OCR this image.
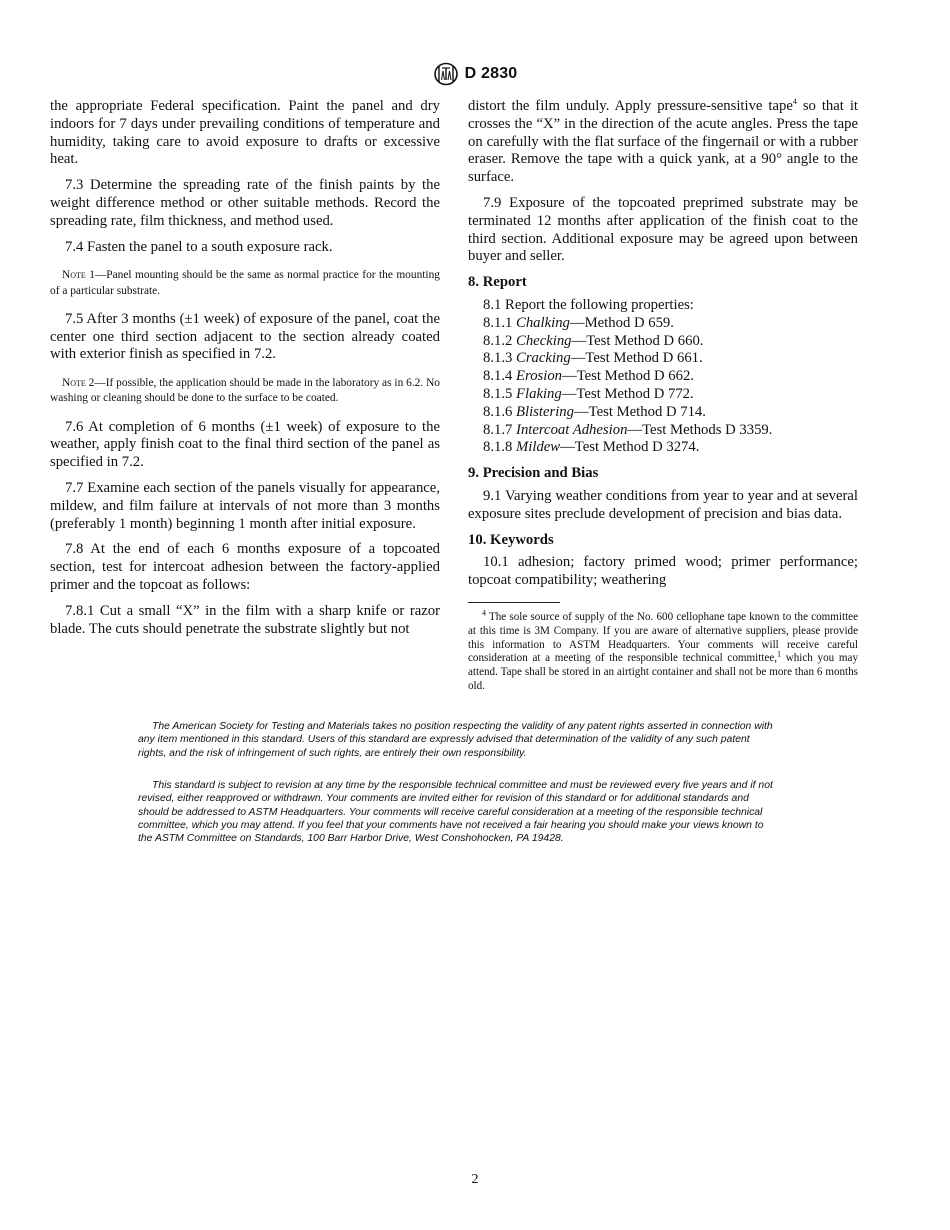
D 2830

the appropriate Federal specification. Paint the panel and dry indoors for 7 days under prevailing conditions of temperature and humidity, taking care to avoid exposure to drafts or excessive heat.

7.3 Determine the spreading rate of the finish paints by the weight difference method or other suitable methods. Record the spreading rate, film thickness, and method used.

7.4 Fasten the panel to a south exposure rack.

Note 1—Panel mounting should be the same as normal practice for the mounting of a particular substrate.

7.5 After 3 months (±1 week) of exposure of the panel, coat the center one third section adjacent to the section already coated with exterior finish as specified in 7.2.

Note 2—If possible, the application should be made in the laboratory as in 6.2. No washing or cleaning should be done to the surface to be coated.

7.6 At completion of 6 months (±1 week) of exposure to the weather, apply finish coat to the final third section of the panel as specified in 7.2.

7.7 Examine each section of the panels visually for appearance, mildew, and film failure at intervals of not more than 3 months (preferably 1 month) beginning 1 month after initial exposure.

7.8 At the end of each 6 months exposure of a topcoated section, test for intercoat adhesion between the factory-applied primer and the topcoat as follows:

7.8.1 Cut a small “X” in the film with a sharp knife or razor blade. The cuts should penetrate the substrate slightly but not

distort the film unduly. Apply pressure-sensitive tape$^4$ so that it crosses the “X” in the direction of the acute angles. Press the tape on carefully with the flat surface of the fingernail or with a rubber eraser. Remove the tape with a quick yank, at a 90° angle to the surface.

7.9 Exposure of the topcoated preprimed substrate may be terminated 12 months after application of the finish coat to the third section. Additional exposure may be agreed upon between buyer and seller.

8. Report

8.1 Report the following properties:

8.1.1 Chalking—Method D 659.

8.1.2 Checking—Test Method D 660.

8.1.3 Cracking—Test Method D 661.

8.1.4 Erosion—Test Method D 662.

8.1.5 Flaking—Test Method D 772.

8.1.6 Blistering—Test Method D 714.

8.1.7 Intercoat Adhesion—Test Methods D 3359.

8.1.8 Mildew—Test Method D 3274.

9. Precision and Bias

9.1 Varying weather conditions from year to year and at several exposure sites preclude development of precision and bias data.

10. Keywords

10.1 adhesion; factory primed wood; primer performance; topcoat compatibility; weathering

$^4$ The sole source of supply of the No. 600 cellophane tape known to the committee at this time is 3M Company. If you are aware of alternative suppliers, please provide this information to ASTM Headquarters. Your comments will receive careful consideration at a meeting of the responsible technical committee,$^1$ which you may attend. Tape shall be stored in an airtight container and shall not be more than 6 months old.
The American Society for Testing and Materials takes no position respecting the validity of any patent rights asserted in connection with any item mentioned in this standard. Users of this standard are expressly advised that determination of the validity of any such patent rights, and the risk of infringement of such rights, are entirely their own responsibility.
This standard is subject to revision at any time by the responsible technical committee and must be reviewed every five years and if not revised, either reapproved or withdrawn. Your comments are invited either for revision of this standard or for additional standards and should be addressed to ASTM Headquarters. Your comments will receive careful consideration at a meeting of the responsible technical committee, which you may attend. If you feel that your comments have not received a fair hearing you should make your views known to the ASTM Committee on Standards, 100 Barr Harbor Drive, West Conshohocken, PA 19428.
2
